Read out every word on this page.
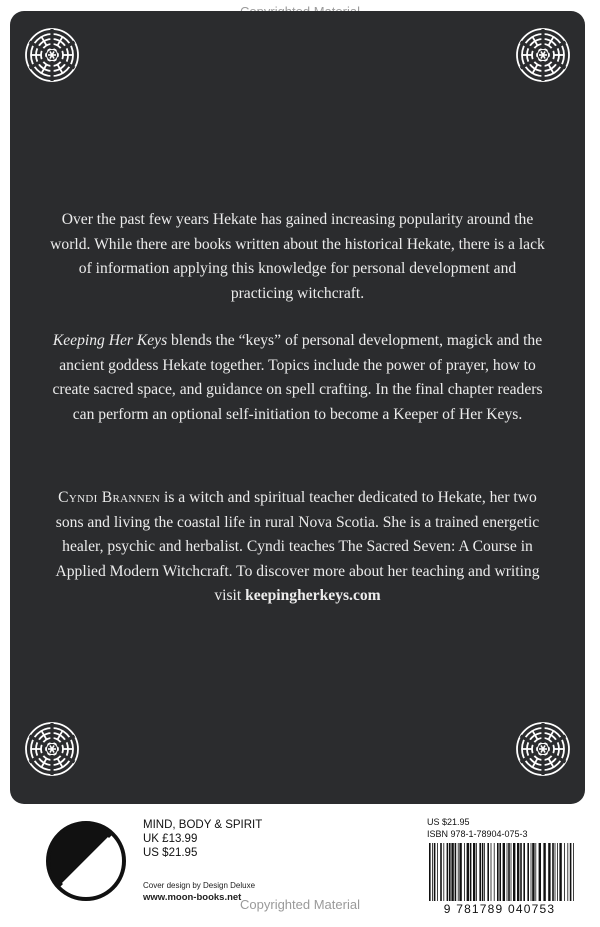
Over the past few years Hekate has gained increasing popularity around the world. While there are books written about the historical Hekate, there is a lack of information applying this knowledge for personal development and practicing witchcraft.
Keeping Her Keys blends the “keys” of personal development, magick and the ancient goddess Hekate together. Topics include the power of prayer, how to create sacred space, and guidance on spell crafting. In the final chapter readers can perform an optional self-initiation to become a Keeper of Her Keys.
Cyndi Brannen is a witch and spiritual teacher dedicated to Hekate, her two sons and living the coastal life in rural Nova Scotia. She is a trained energetic healer, psychic and herbalist. Cyndi teaches The Sacred Seven: A Course in Applied Modern Witchcraft. To discover more about her teaching and writing visit keepingherkeys.com
MIND, BODY & SPIRIT
UK £13.99
US $21.95
Cover design by Design Deluxe
www.moon-books.net
US $21.95
ISBN 978-1-78904-075-3
9 781789 040753
Copyrighted Material
